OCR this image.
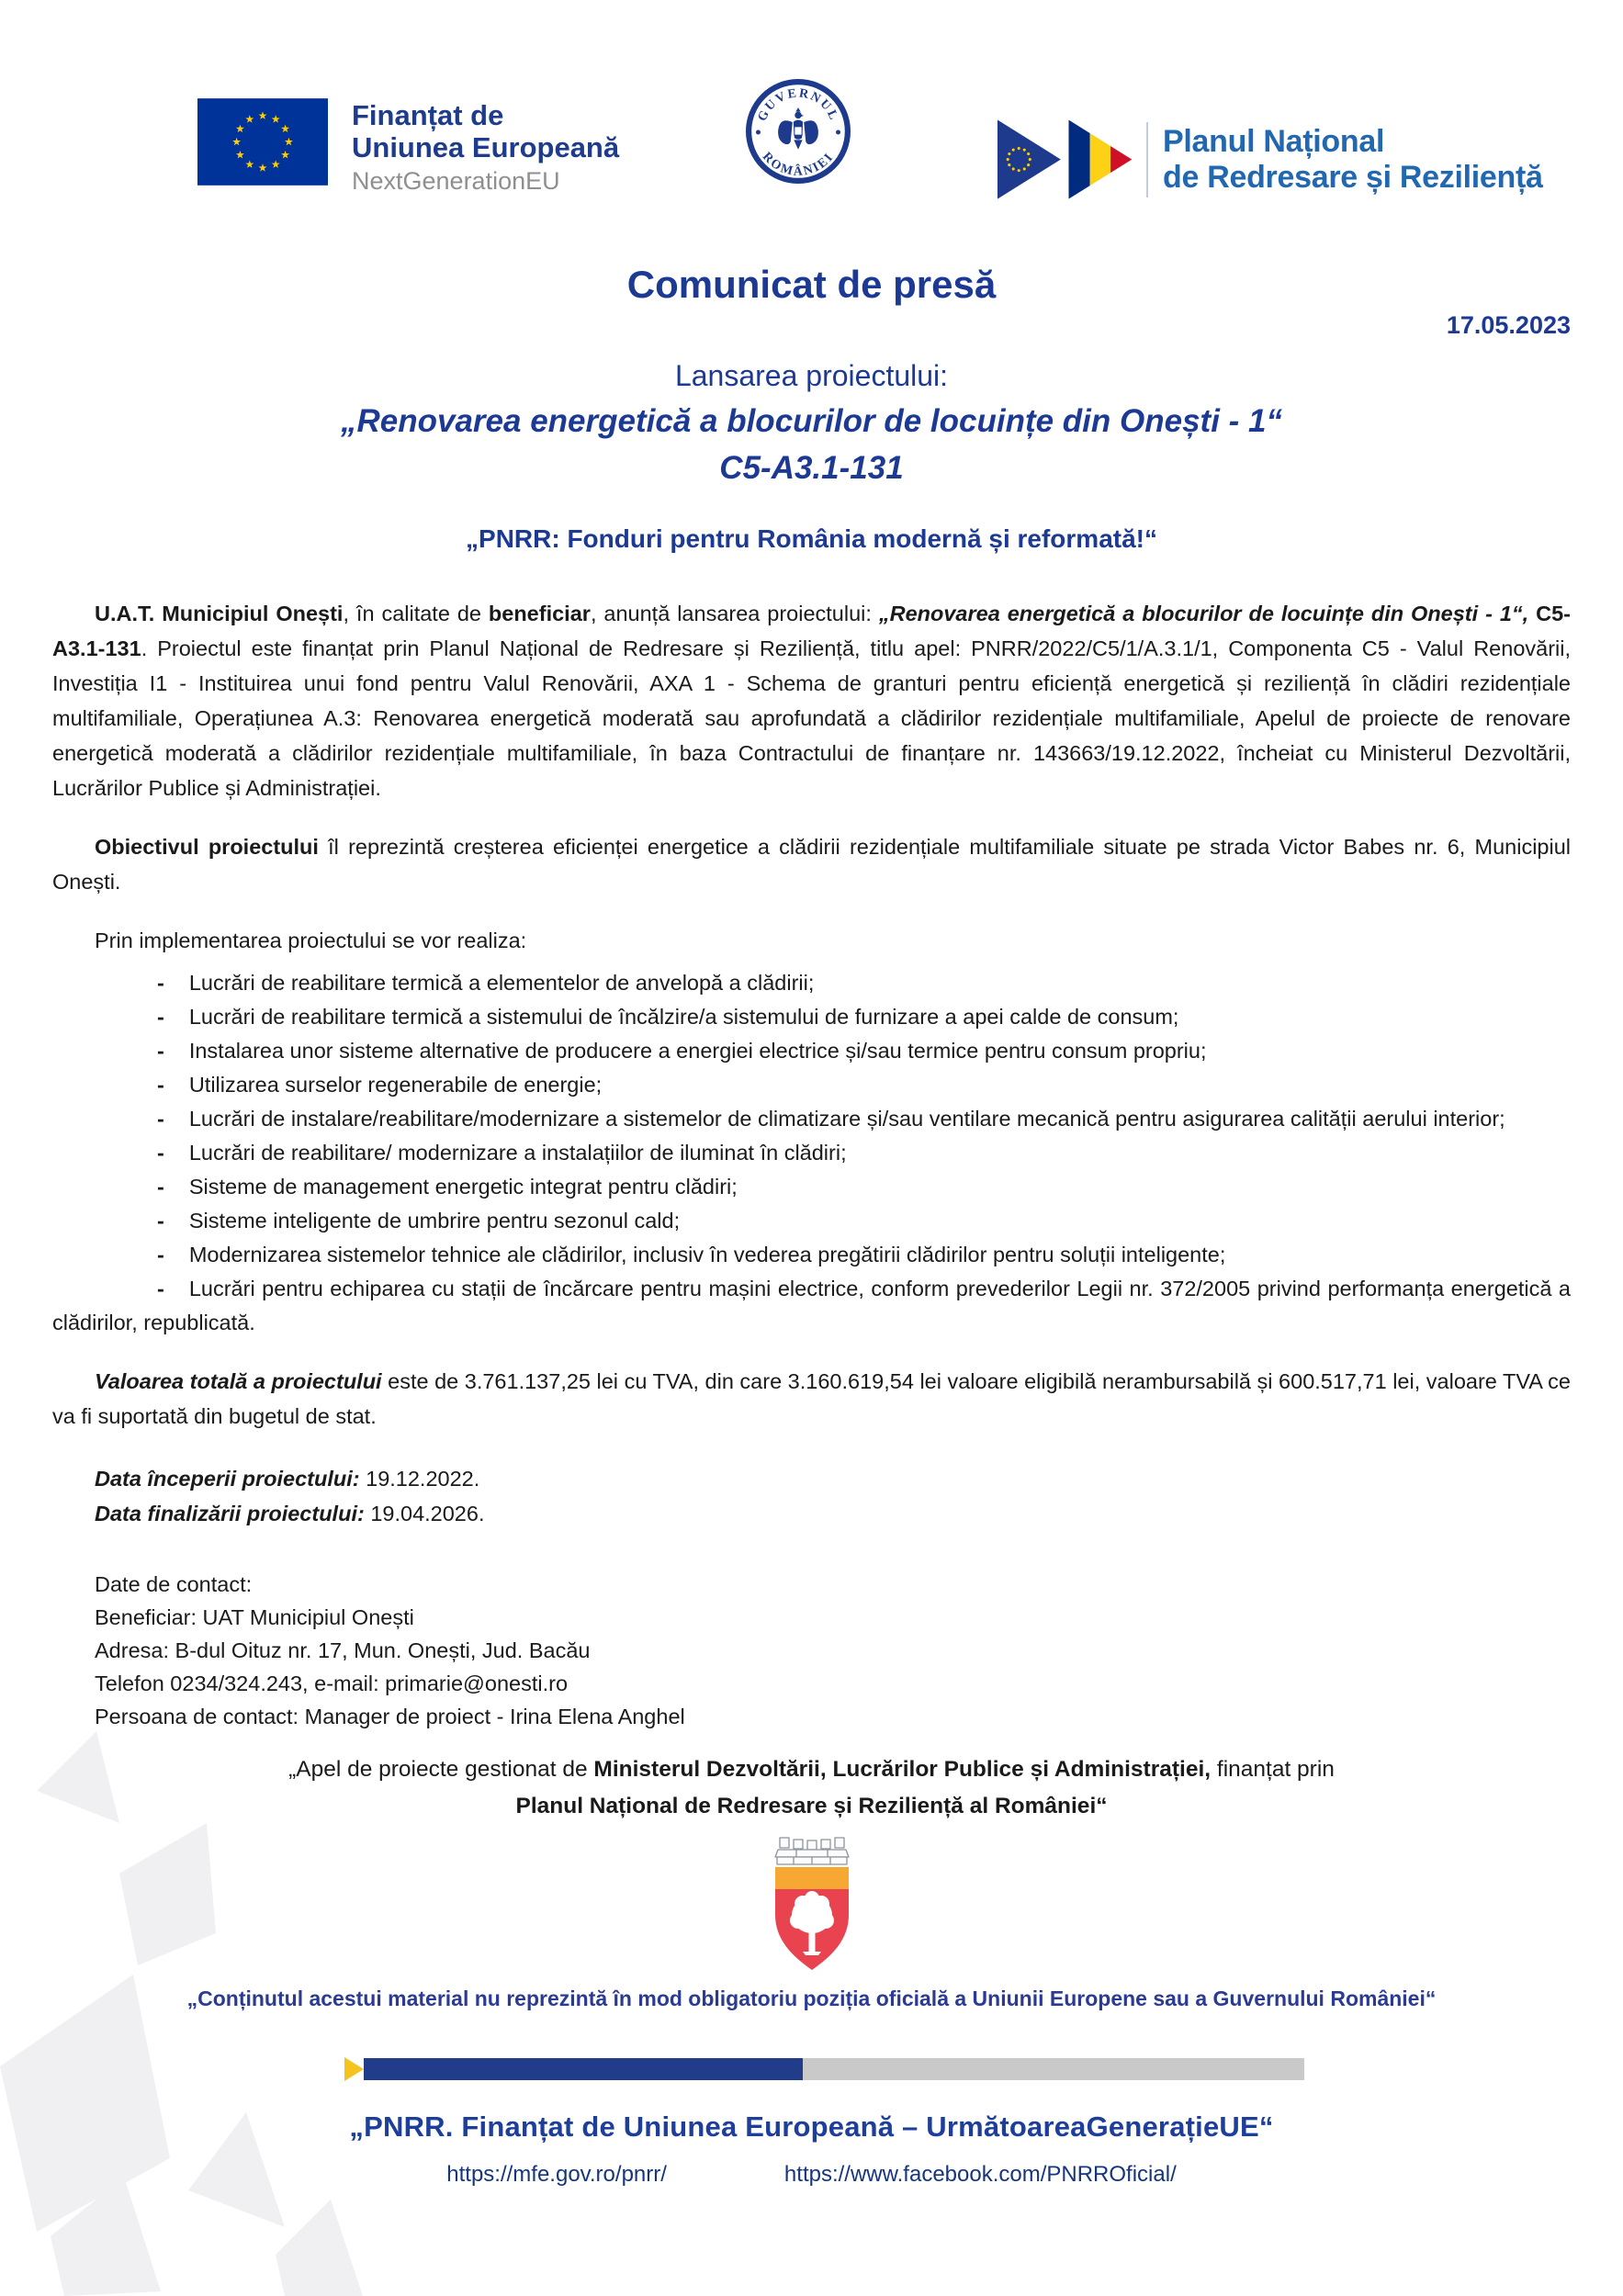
Finanțat de
Uniunea Europeană
NextGenerationEU
GUVERNUL
ROMÂNIEI	Planul Național
de Redresare și Reziliență
Comunicat de presă
17.05.2023
Lansarea proiectului:
„Renovarea energetică a blocurilor de locuințe din Onești - 1“
C5-A3.1-131
„PNRR: Fonduri pentru România modernă și reformată!“

U.A.T. Municipiul Onești, în calitate de beneficiar, anunță lansarea proiectului: „Renovarea energetică a blocurilor de locuințe din Onești - 1“, C5-A3.1-131. Proiectul este finanțat prin Planul Național de Redresare și Reziliență, titlu apel: PNRR/2022/C5/1/A.3.1/1, Componenta C5 - Valul Renovării, Investiția I1 - Instituirea unui fond pentru Valul Renovării, AXA 1 - Schema de granturi pentru eficiență energetică și reziliență în clădiri rezidențiale multifamiliale, Operațiunea A.3: Renovarea energetică moderată sau aprofundată a clădirilor rezidențiale multifamiliale, Apelul de proiecte de renovare energetică moderată a clădirilor rezidențiale multifamiliale, în baza Contractului de finanțare nr. 143663/19.12.2022, încheiat cu Ministerul Dezvoltării, Lucrărilor Publice și Administrației.

Obiectivul proiectului îl reprezintă creșterea eficienței energetice a clădirii rezidențiale multifamiliale situate pe strada Victor Babes nr. 6, Municipiul Onești.

Prin implementarea proiectului se vor realiza:

- Lucrări de reabilitare termică a elementelor de anvelopă a clădirii;

- Lucrări de reabilitare termică a sistemului de încălzire/a sistemului de furnizare a apei calde de consum;

- Instalarea unor sisteme alternative de producere a energiei electrice și/sau termice pentru consum propriu;

- Utilizarea surselor regenerabile de energie;

- Lucrări de instalare/reabilitare/modernizare a sistemelor de climatizare și/sau ventilare mecanică pentru asigurarea calității aerului interior;

- Lucrări de reabilitare/ modernizare a instalațiilor de iluminat în clădiri;

- Sisteme de management energetic integrat pentru clădiri;

- Sisteme inteligente de umbrire pentru sezonul cald;

- Modernizarea sistemelor tehnice ale clădirilor, inclusiv în vederea pregătirii clădirilor pentru soluții inteligente;

- Lucrări pentru echiparea cu stații de încărcare pentru mașini electrice, conform prevederilor Legii nr. 372/2005 privind performanța energetică a clădirilor, republicată.

Valoarea totală a proiectului este de 3.761.137,25 lei cu TVA, din care 3.160.619,54 lei valoare eligibilă nerambursabilă și 600.517,71 lei, valoare TVA ce va fi suportată din bugetul de stat.

Data începerii proiectului: 19.12.2022.

Data finalizării proiectului: 19.04.2026.

Date de contact:
Beneficiar: UAT Municipiul Onești
Adresa: B-dul Oituz nr. 17, Mun. Onești, Jud. Bacău
Telefon 0234/324.243, e-mail: primarie@onesti.ro
Persoana de contact: Manager de proiect - Irina Elena Anghel

„Apel de proiecte gestionat de Ministerul Dezvoltării, Lucrărilor Publice și Administrației, finanțat prin
Planul Național de Redresare și Reziliență al României“

„Conținutul acestui material nu reprezintă în mod obligatoriu poziția oficială a Uniunii Europene sau a Guvernului României“
„PNRR. Finanțat de Uniunea Europeană – UrmătoareaGenerațieUE“
https://mfe.gov.ro/pnrr/	https://www.facebook.com/PNRROficial/
